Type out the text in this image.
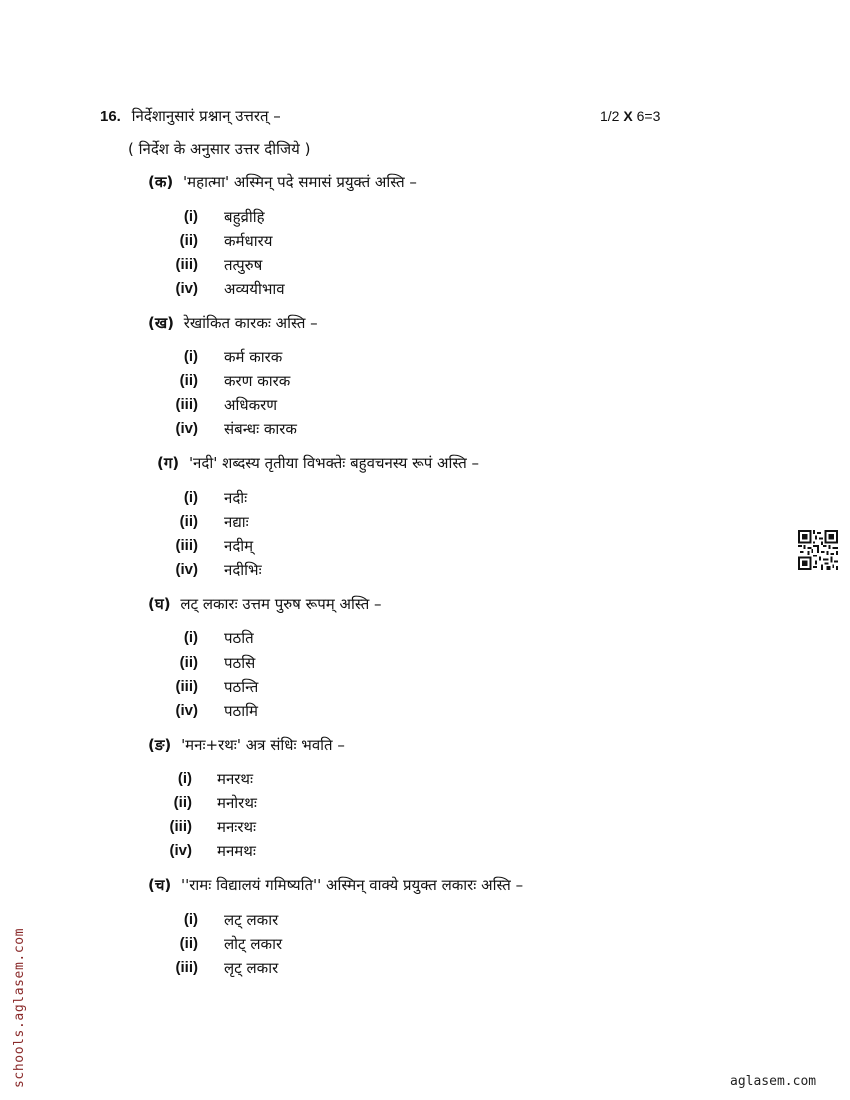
16. निर्देशानुसारं प्रश्नान् उत्तरत् –	1/2 X 6=3
( निर्देश के अनुसार उत्तर दीजिये )
(क) 'महात्मा' अस्मिन् पदे समासं प्रयुक्तं अस्ति –
(i) बहुव्रीहि
(ii) कर्मधारय
(iii) तत्पुरुष
(iv) अव्ययीभाव
(ख) रेखांकित कारकः अस्ति –
(i) कर्म कारक
(ii) करण कारक
(iii) अधिकरण
(iv) संबन्धः कारक
(ग) 'नदी' शब्दस्य तृतीया विभक्तेः बहुवचनस्य रूपं अस्ति –
(i) नदीः
(ii) नद्याः
(iii) नदीम्
(iv) नदीभिः
(घ) लट् लकारः उत्तम पुरुष रूपम् अस्ति –
(i) पठति
(ii) पठसि
(iii) पठन्ति
(iv) पठामि
(ङ) 'मनः+रथः' अत्र संधिः भवति –
(i) मनरथः
(ii) मनोरथः
(iii) मनःरथः
(iv) मनमथः
(च) ''रामः विद्यालयं गमिष्यति'' अस्मिन् वाक्ये प्रयुक्त लकारः अस्ति –
(i) लट् लकार
(ii) लोट् लकार
(iii) लृट् लकार
schools.aglasem.com	aglasem.com
